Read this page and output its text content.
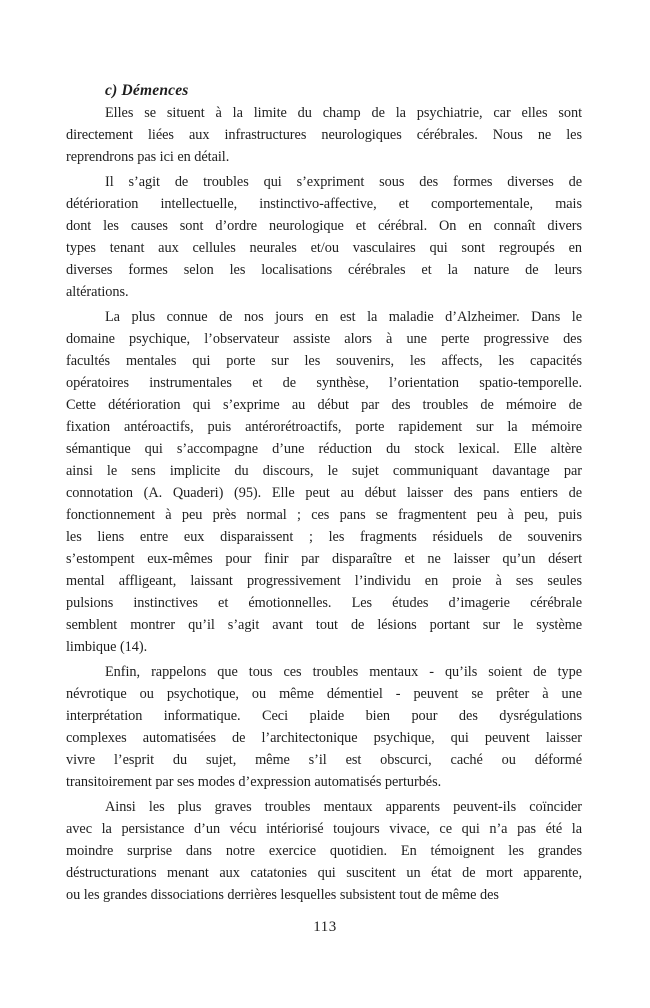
c) Démences
Elles se situent à la limite du champ de la psychiatrie, car elles sont
directement liées aux infrastructures neurologiques cérébrales. Nous ne les
reprendrons pas ici en détail.
Il s’agit de troubles qui s’expriment sous des formes diverses de
détérioration intellectuelle, instinctivo-affective, et comportementale, mais
dont les causes sont d’ordre neurologique et cérébral. On en connaît divers
types tenant aux cellules neurales et/ou vasculaires qui sont regroupés en
diverses formes selon les localisations cérébrales et la nature de leurs
altérations.
La plus connue de nos jours en est la maladie d’Alzheimer. Dans le
domaine psychique, l’observateur assiste alors à une perte progressive des
facultés mentales qui porte sur les souvenirs, les affects, les capacités
opératoires instrumentales et de synthèse, l’orientation spatio-temporelle.
Cette détérioration qui s’exprime au début par des troubles de mémoire de
fixation antéroactifs, puis antérorétroactifs, porte rapidement sur la mémoire
sémantique qui s’accompagne d’une réduction du stock lexical. Elle altère
ainsi le sens implicite du discours, le sujet communiquant davantage par
connotation (A. Quaderi) (95). Elle peut au début laisser des pans entiers de
fonctionnement à peu près normal ; ces pans se fragmentent peu à peu, puis
les liens entre eux disparaissent ; les fragments résiduels de souvenirs
s’estompent eux-mêmes pour finir par disparaître et ne laisser qu’un désert
mental affligeant, laissant progressivement l’individu en proie à ses seules
pulsions instinctives et émotionnelles. Les études d’imagerie cérébrale
semblent montrer qu’il s’agit avant tout de lésions portant sur le système
limbique (14).
Enfin, rappelons que tous ces troubles mentaux - qu’ils soient de type
névrotique ou psychotique, ou même démentiel - peuvent se prêter à une
interprétation informatique. Ceci plaide bien pour des dysrégulations
complexes automatisées de l’architectonique psychique, qui peuvent laisser
vivre l’esprit du sujet, même s’il est obscurci, caché ou déformé
transitoirement par ses modes d’expression automatisés perturbés.
Ainsi les plus graves troubles mentaux apparents peuvent-ils coïncider
avec la persistance d’un vécu intériorisé toujours vivace, ce qui n’a pas été la
moindre surprise dans notre exercice quotidien. En témoignent les grandes
déstructurations menant aux catatonies qui suscitent un état de mort apparente,
ou les grandes dissociations derrières lesquelles subsistent tout de même des
113
